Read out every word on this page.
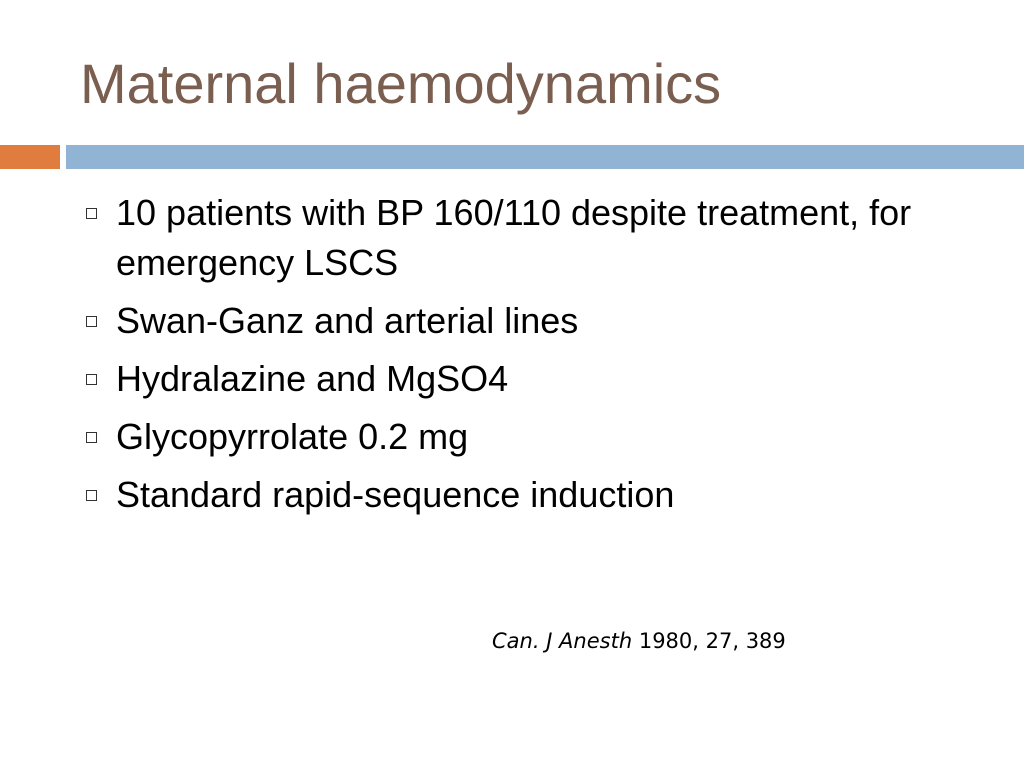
Maternal haemodynamics
10 patients with BP 160/110 despite treatment, for emergency LSCS
Swan-Ganz and arterial lines
Hydralazine and MgSO4
Glycopyrrolate 0.2 mg
Standard rapid-sequence induction
Can. J Anesth 1980, 27, 389
